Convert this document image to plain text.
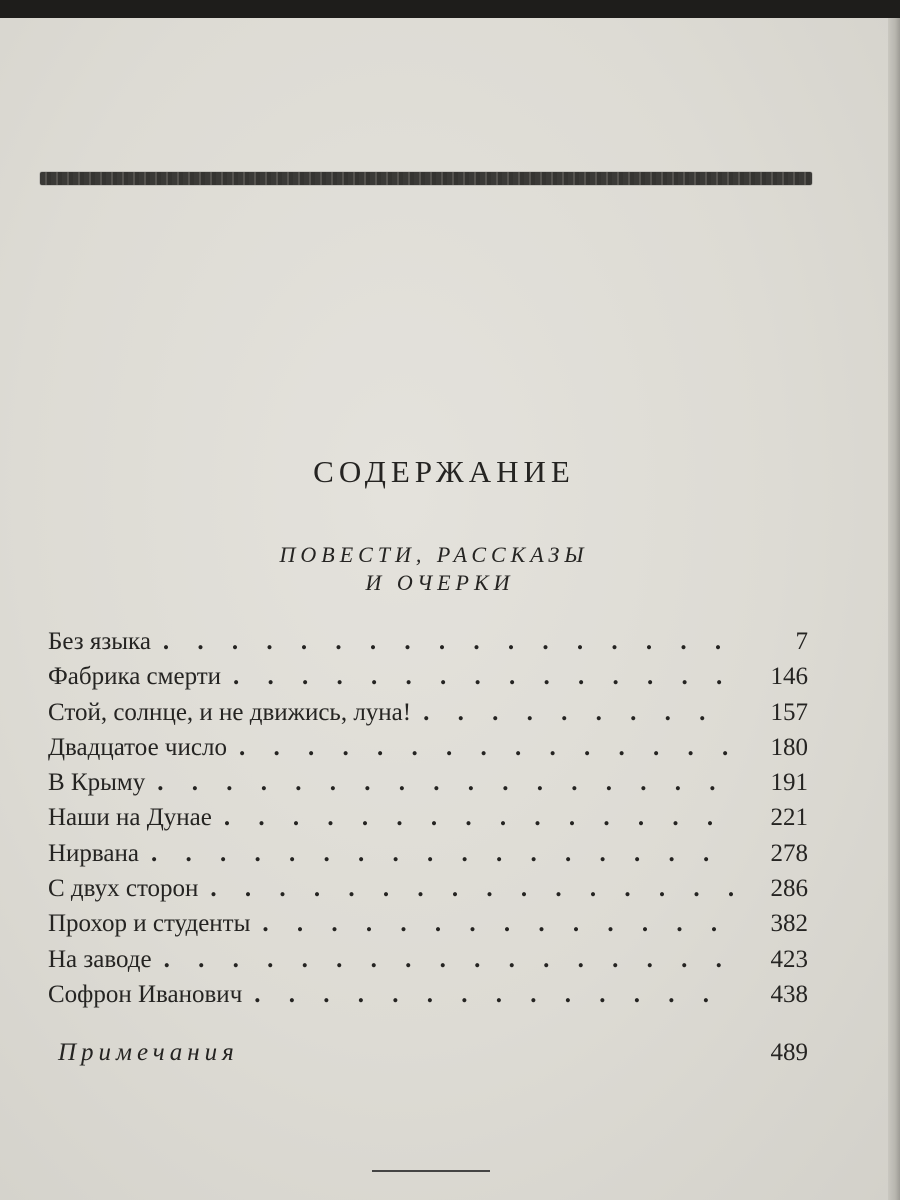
СОДЕРЖАНИЕ
ПОВЕСТИ, РАССКАЗЫ
И ОЧЕРКИ
Без языка . . .	7
Фабрика смерти . . .	146
Стой, солнце, и не движись, луна! . . .	157
Двадцатое число . . .	180
В Крыму . . .	191
Наши на Дунае . . .	221
Нирвана . . .	278
С двух сторон . . .	286
Прохор и студенты . . .	382
На заводе . . .	423
Софрон Иванович . . .	438
Примечания	489
